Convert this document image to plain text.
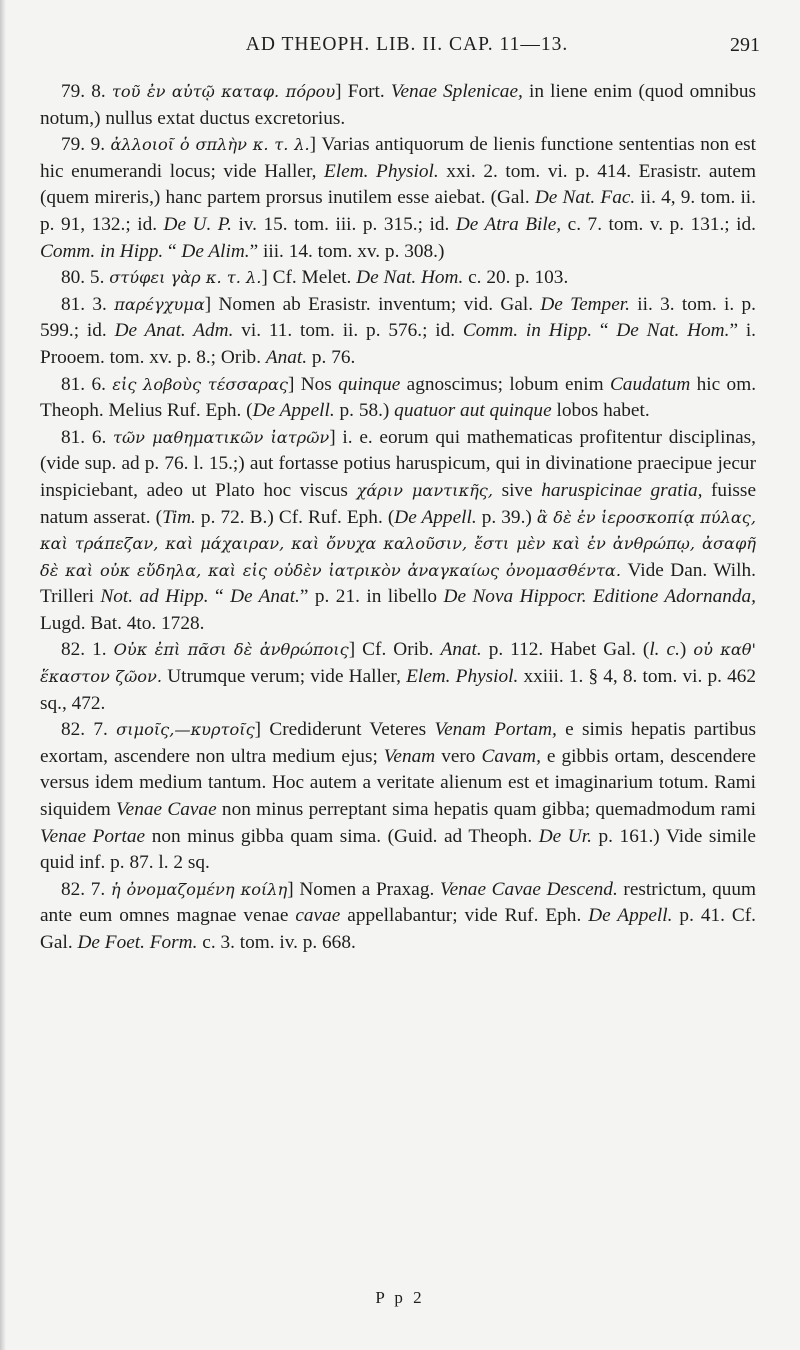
AD THEOPH. LIB. II. CAP. 11—13.	291

79. 8. τοῦ ἐν αὐτῷ καταφ. πόρου] Fort. Venae Splenicae, in liene enim (quod omnibus notum,) nullus extat ductus excretorius.

79. 9. ἀλλοιοῖ ὁ σπλὴν κ. τ. λ.] Varias antiquorum de lienis functione sententias non est hic enumerandi locus; vide Haller, Elem. Physiol. xxi. 2. tom. vi. p. 414. Erasistr. autem (quem mireris,) hanc partem prorsus inutilem esse aiebat. (Gal. De Nat. Fac. ii. 4, 9. tom. ii. p. 91, 132.; id. De U. P. iv. 15. tom. iii. p. 315.; id. De Atra Bile, c. 7. tom. v. p. 131.; id. Comm. in Hipp. “ De Alim.” iii. 14. tom. xv. p. 308.)

80. 5. στύφει γὰρ κ. τ. λ.] Cf. Melet. De Nat. Hom. c. 20. p. 103.

81. 3. παρέγχυμα] Nomen ab Erasistr. inventum; vid. Gal. De Temper. ii. 3. tom. i. p. 599.; id. De Anat. Adm. vi. 11. tom. ii. p. 576.; id. Comm. in Hipp. “ De Nat. Hom.” i. Prooem. tom. xv. p. 8.; Orib. Anat. p. 76.

81. 6. εἰς λοβοὺς τέσσαρας] Nos quinque agnoscimus; lobum enim Caudatum hic om. Theoph. Melius Ruf. Eph. (De Appell. p. 58.) quatuor aut quinque lobos habet.

81. 6. τῶν μαθηματικῶν ἰατρῶν] i. e. eorum qui mathematicas profitentur disciplinas, (vide sup. ad p. 76. l. 15.;) aut fortasse potius haruspicum, qui in divinatione praecipue jecur inspiciebant, adeo ut Plato hoc viscus χάριν μαντικῆς, sive haruspicinae gratia, fuisse natum asserat. (Tim. p. 72. B.) Cf. Ruf. Eph. (De Appell. p. 39.) ἃ δὲ ἐν ἱεροσκοπίᾳ πύλας, καὶ τράπεζαν, καὶ μάχαιραν, καὶ ὄνυχα καλοῦσιν, ἔστι μὲν καὶ ἐν ἀνθρώπῳ, ἀσαφῆ δὲ καὶ οὐκ εὔδηλα, καὶ εἰς οὐδὲν ἰατρικὸν ἀναγκαίως ὀνομασθέντα. Vide Dan. Wilh. Trilleri Not. ad Hipp. “ De Anat.” p. 21. in libello De Nova Hippocr. Editione Adornanda, Lugd. Bat. 4to. 1728.

82. 1. Οὐκ ἐπὶ πᾶσι δὲ ἀνθρώποις] Cf. Orib. Anat. p. 112. Habet Gal. (l. c.) οὐ καθ' ἕκαστον ζῶον. Utrumque verum; vide Haller, Elem. Physiol. xxiii. 1. § 4, 8. tom. vi. p. 462 sq., 472.

82. 7. σιμοῖς,—κυρτοῖς] Crediderunt Veteres Venam Portam, e simis hepatis partibus exortam, ascendere non ultra medium ejus; Venam vero Cavam, e gibbis ortam, descendere versus idem medium tantum. Hoc autem a veritate alienum est et imaginarium totum. Rami siquidem Venae Cavae non minus perreptant sima hepatis quam gibba; quemadmodum rami Venae Portae non minus gibba quam sima. (Guid. ad Theoph. De Ur. p. 161.) Vide simile quid inf. p. 87. l. 2 sq.

82. 7. ἡ ὀνομαζομένη κοίλη] Nomen a Praxag. Venae Cavae Descend. restrictum, quum ante eum omnes magnae venae cavae appellabantur; vide Ruf. Eph. De Appell. p. 41. Cf. Gal. De Foet. Form. c. 3. tom. iv. p. 668.

P p 2
